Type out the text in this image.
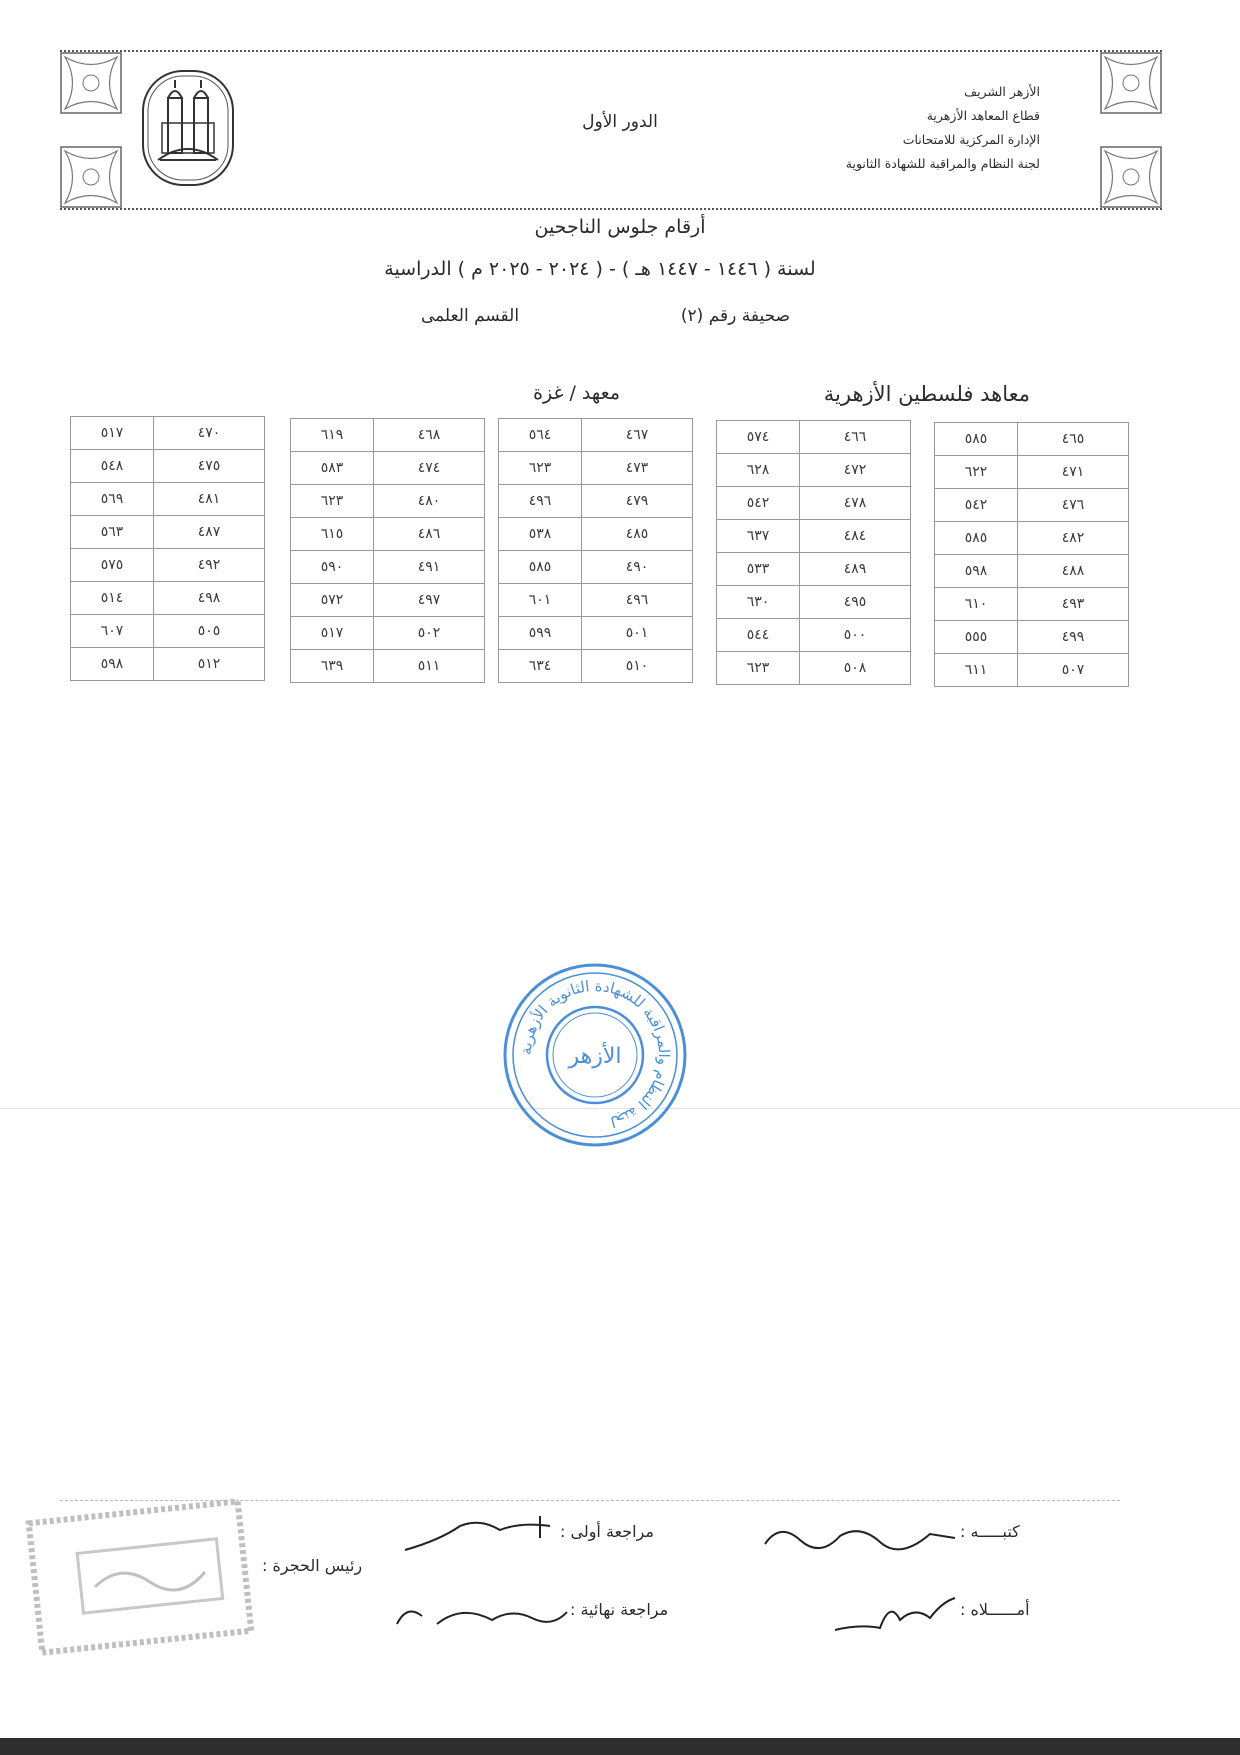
الدور الأول
الأزهر الشريف
قطاع المعاهد الأزهرية
الإدارة المركزية للامتحانات
لجنة النظام والمراقبة للشهادة الثانوية
أرقام جلوس الناجحين
لسنة ( ١٤٤٦ - ١٤٤٧ هـ ) - ( ٢٠٢٤ - ٢٠٢٥ م ) الدراسية
صحيفة رقم (٢)
القسم العلمى
معاهد فلسطين الأزهرية
معهد / غزة
٥٨٥	٤٦٥
٦٢٢	٤٧١
٥٤٢	٤٧٦
٥٨٥	٤٨٢
٥٩٨	٤٨٨
٦١٠	٤٩٣
٥٥٥	٤٩٩
٦١١	٥٠٧
٥٧٤	٤٦٦
٦٢٨	٤٧٢
٥٤٢	٤٧٨
٦٣٧	٤٨٤
٥٣٣	٤٨٩
٦٣٠	٤٩٥
٥٤٤	٥٠٠
٦٢٣	٥٠٨
٥٦٤	٤٦٧
٦٢٣	٤٧٣
٤٩٦	٤٧٩
٥٣٨	٤٨٥
٥٨٥	٤٩٠
٦٠١	٤٩٦
٥٩٩	٥٠١
٦٣٤	٥١٠
٦١٩	٤٦٨
٥٨٣	٤٧٤
٦٢٣	٤٨٠
٦١٥	٤٨٦
٥٩٠	٤٩١
٥٧٢	٤٩٧
٥١٧	٥٠٢
٦٣٩	٥١١
٥١٧	٤٧٠
٥٤٨	٤٧٥
٥٦٩	٤٨١
٥٦٣	٤٨٧
٥٧٥	٤٩٢
٥١٤	٤٩٨
٦٠٧	٥٠٥
٥٩٨	٥١٢
لجنة النظام والمراقبة للشهادة الثانوية الأزهرية
الأزهر
كتبـــــه :
مراجعة أولى :
رئيس الحجرة :
أمــــــلاه :
مراجعة نهائية :
